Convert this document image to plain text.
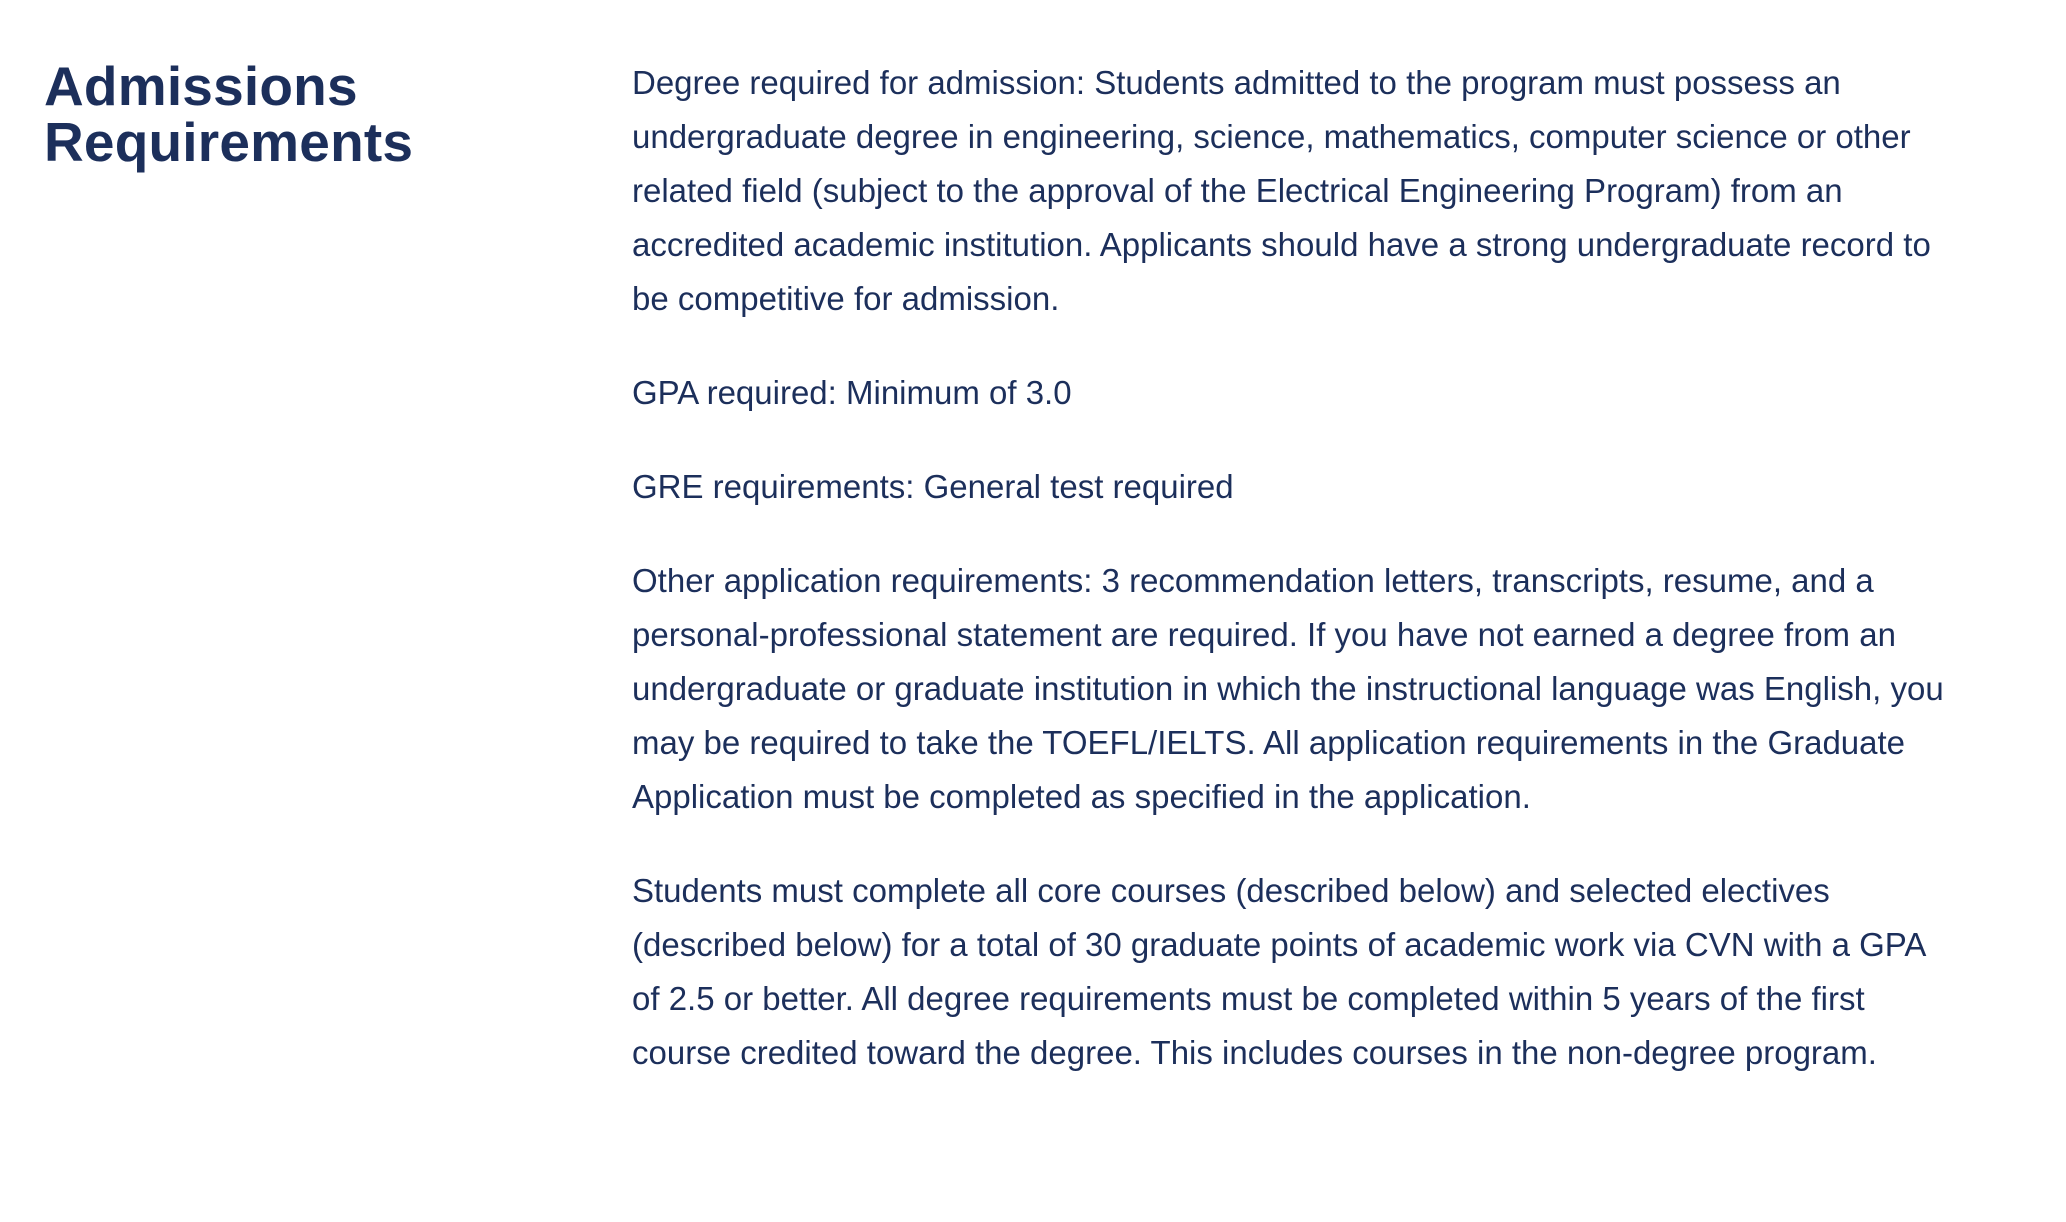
Admissions Requirements

Degree required for admission: Students admitted to the program must possess an undergraduate degree in engineering, science, mathematics, computer science or other related field (subject to the approval of the Electrical Engineering Program) from an accredited academic institution. Applicants should have a strong undergraduate record to be competitive for admission.

GPA required: Minimum of 3.0

GRE requirements: General test required

Other application requirements: 3 recommendation letters, transcripts, resume, and a personal-professional statement are required. If you have not earned a degree from an undergraduate or graduate institution in which the instructional language was English, you may be required to take the TOEFL/IELTS. All application requirements in the Graduate Application must be completed as specified in the application.

Students must complete all core courses (described below) and selected electives (described below) for a total of 30 graduate points of academic work via CVN with a GPA of 2.5 or better. All degree requirements must be completed within 5 years of the first course credited toward the degree. This includes courses in the non-degree program.
